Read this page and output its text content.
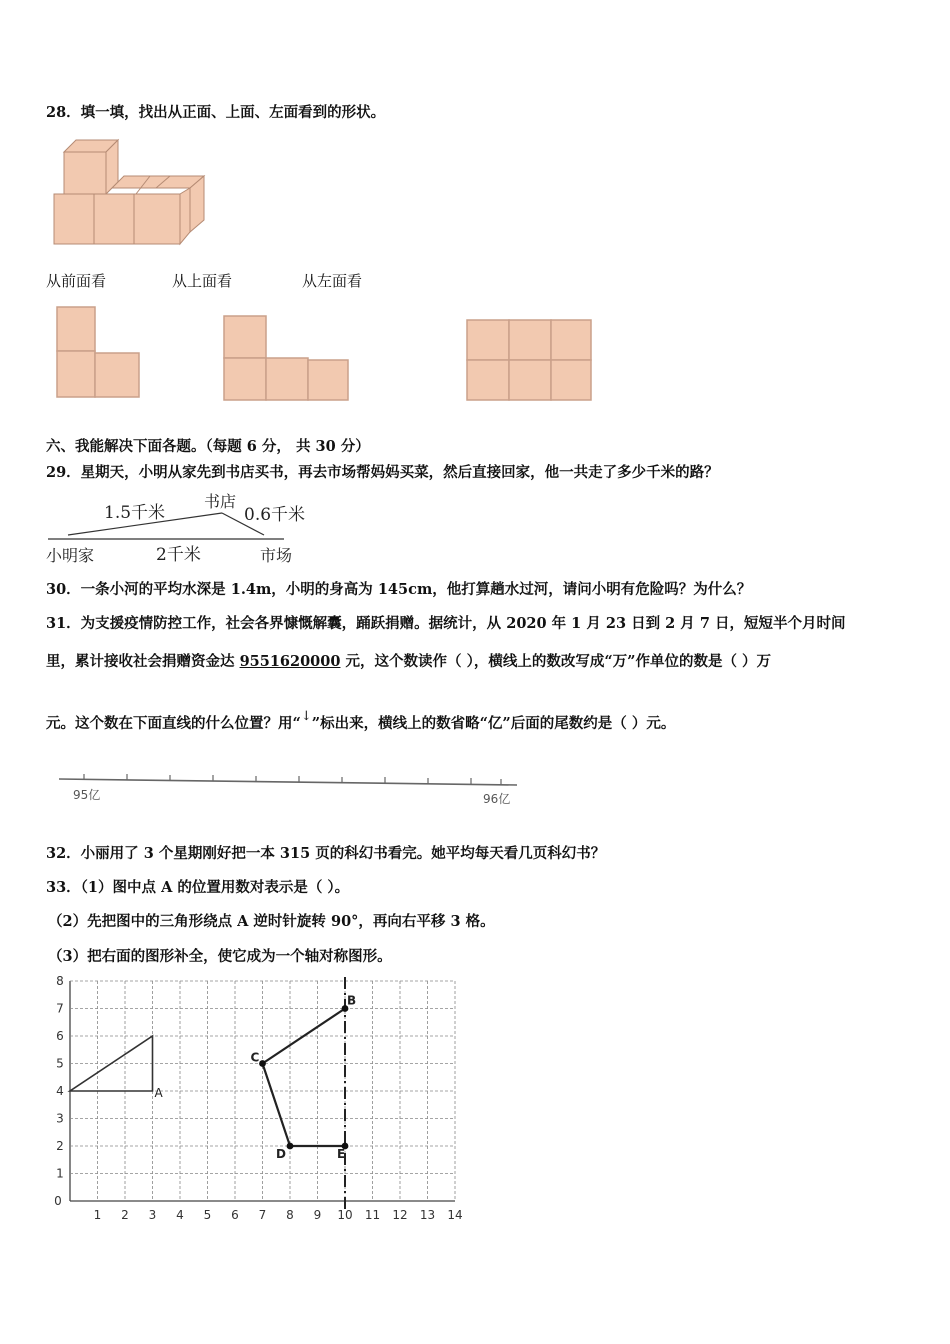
28．填一填，找出从正面、上面、左面看到的形状。
从前面看	从上面看	从左面看
六、我能解决下面各题。（每题 6 分， 共 30 分）
29．星期天，小明从家先到书店买书，再去市场帮妈妈买菜，然后直接回家，他一共走了多少千米的路？
1.5千米
书店
0.6千米
小明家	2千米	市场
30．一条小河的平均水深是 1.4m，小明的身高为 145cm，他打算趟水过河，请问小明有危险吗？为什么？
31．为支援疫情防控工作，社会各界慷慨解囊，踊跃捐赠。据统计，从 2020 年 1 月 23 日到 2 月 7 日，短短半个月时间
里，累计接收社会捐赠资金达 9551620000 元，这个数读作（ ），横线上的数改写成“万”作单位的数是（ ）万
元。这个数在下面直线的什么位置？用“↓”标出来，横线上的数省略“亿”后面的尾数约是（ ）元。
95亿	96亿
32．小丽用了 3 个星期刚好把一本 315 页的科幻书看完。她平均每天看几页科幻书？
33．（1）图中点 A 的位置用数对表示是（ ）。
（2）先把图中的三角形绕点 A 逆时针旋转 90°，再向右平移 3 格。
（3）把右面的图形补全，使它成为一个轴对称图形。
1 2 3 4 5 6 7 8 9 10 11 12 13 14
0
1
2
3
4
5
6
7
8
A
B
C
D	E
